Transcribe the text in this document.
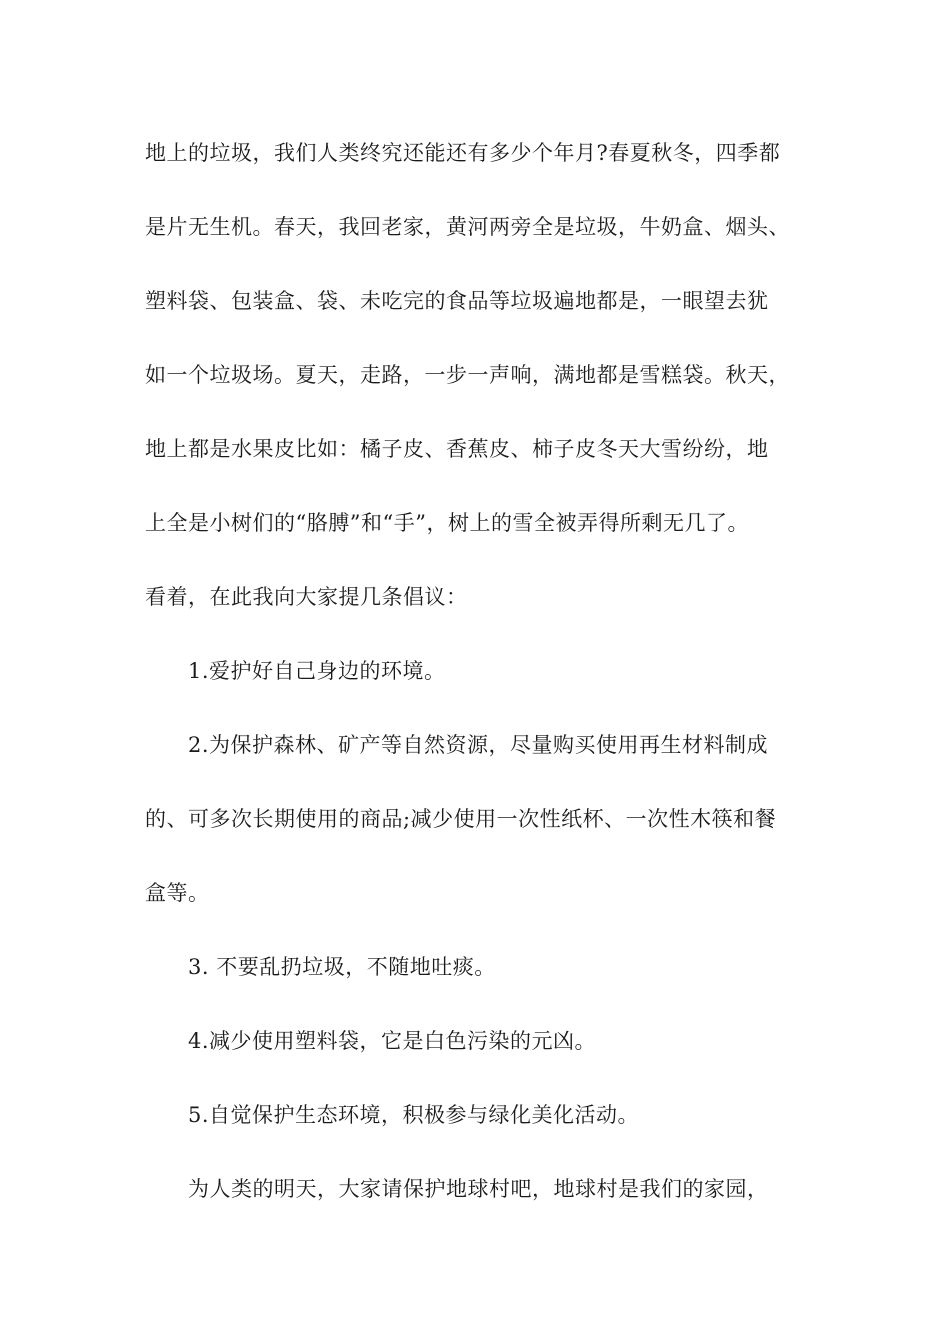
地上的垃圾，我们人类终究还能还有多少个年月?春夏秋冬，四季都
是片无生机。春天，我回老家，黄河两旁全是垃圾，牛奶盒、烟头、
塑料袋、包装盒、袋、未吃完的食品等垃圾遍地都是，一眼望去犹
如一个垃圾场。夏天，走路，一步一声响，满地都是雪糕袋。秋天，
地上都是水果皮比如：橘子皮、香蕉皮、柿子皮冬天大雪纷纷，地
上全是小树们的“胳膊”和“手”，树上的雪全被弄得所剩无几了。
看着，在此我向大家提几条倡议：
1.爱护好自己身边的环境。
2.为保护森林、矿产等自然资源，尽量购买使用再生材料制成
的、可多次长期使用的商品;减少使用一次性纸杯、一次性木筷和餐
盒等。
3. 不要乱扔垃圾，不随地吐痰。
4.减少使用塑料袋，它是白色污染的元凶。
5.自觉保护生态环境，积极参与绿化美化活动。
为人类的明天，大家请保护地球村吧，地球村是我们的家园，
